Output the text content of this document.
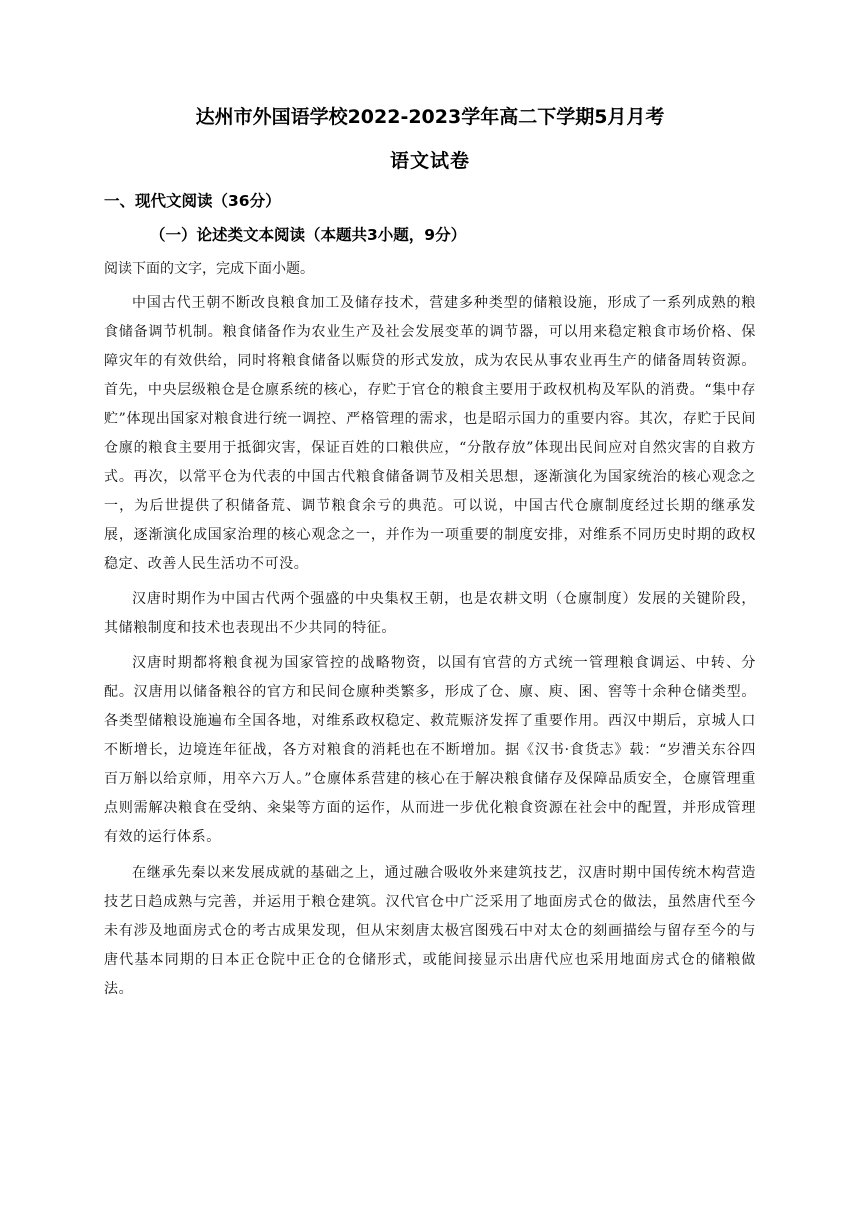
达州市外国语学校2022-2023学年高二下学期5月月考
语文试卷
一、现代文阅读（36分）
（一）论述类文本阅读（本题共3小题，9分）
阅读下面的文字，完成下面小题。

中国古代王朝不断改良粮食加工及储存技术，营建多种类型的储粮设施，形成了一系列成熟的粮食储备调节机制。粮食储备作为农业生产及社会发展变革的调节器，可以用来稳定粮食市场价格、保障灾年的有效供给，同时将粮食储备以赈贷的形式发放，成为农民从事农业再生产的储备周转资源。首先，中央层级粮仓是仓廪系统的核心，存贮于官仓的粮食主要用于政权机构及军队的消费。“集中存贮”体现出国家对粮食进行统一调控、严格管理的需求，也是昭示国力的重要内容。其次，存贮于民间仓廪的粮食主要用于抵御灾害，保证百姓的口粮供应，“分散存放”体现出民间应对自然灾害的自救方式。再次，以常平仓为代表的中国古代粮食储备调节及相关思想，逐渐演化为国家统治的核心观念之一，为后世提供了积储备荒、调节粮食余亏的典范。可以说，中国古代仓廪制度经过长期的继承发展，逐渐演化成国家治理的核心观念之一，并作为一项重要的制度安排，对维系不同历史时期的政权稳定、改善人民生活功不可没。

汉唐时期作为中国古代两个强盛的中央集权王朝，也是农耕文明（仓廪制度）发展的关键阶段，其储粮制度和技术也表现出不少共同的特征。

汉唐时期都将粮食视为国家管控的战略物资，以国有官营的方式统一管理粮食调运、中转、分配。汉唐用以储备粮谷的官方和民间仓廪种类繁多，形成了仓、廪、庾、囷、窖等十余种仓储类型。各类型储粮设施遍布全国各地，对维系政权稳定、救荒赈济发挥了重要作用。西汉中期后，京城人口不断增长，边境连年征战，各方对粮食的消耗也在不断增加。据《汉书·食货志》载：“岁漕关东谷四百万斛以给京师，用卒六万人。”仓廪体系营建的核心在于解决粮食储存及保障品质安全，仓廪管理重点则需解决粮食在受纳、籴粜等方面的运作，从而进一步优化粮食资源在社会中的配置，并形成管理有效的运行体系。

在继承先秦以来发展成就的基础之上，通过融合吸收外来建筑技艺，汉唐时期中国传统木构营造技艺日趋成熟与完善，并运用于粮仓建筑。汉代官仓中广泛采用了地面房式仓的做法，虽然唐代至今未有涉及地面房式仓的考古成果发现，但从宋刻唐太极宫图残石中对太仓的刻画描绘与留存至今的与唐代基本同期的日本正仓院中正仓的仓储形式，或能间接显示出唐代应也采用地面房式仓的储粮做法。
